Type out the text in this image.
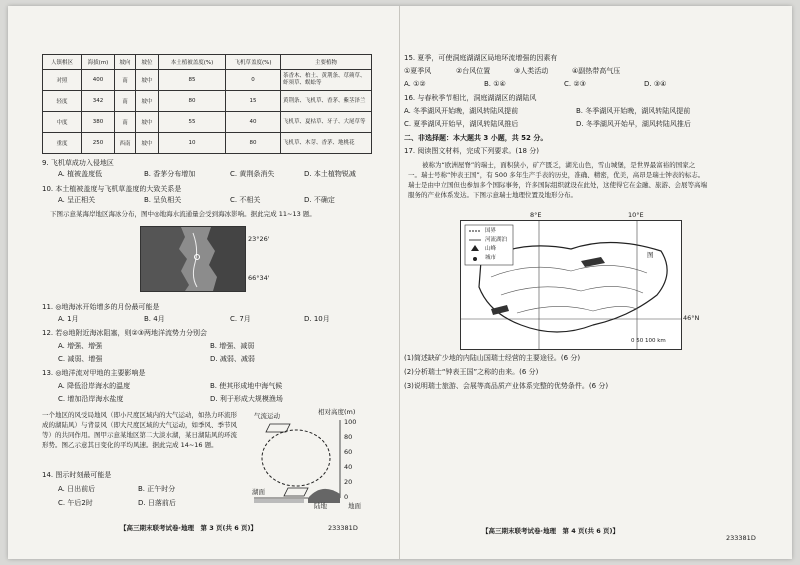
人镇棋区	海拔(m)	坡向	坡位	本土植被盖度(%)	飞机草盖度(%)	主要植物
对照	400	南	坡中	85	0	茶香木、柏土、黄荆条、荩蒴草、虾须草、蜈蚣等
轻度	342	南	坡中	80	15	黄荆条、飞机草、香茅、紫茎泽兰
中度	380	南	坡中	55	40	飞机草、夏枯草、牙子、大尾草等
重度	250	西南	坡中	10	80	飞机草、木芽、香茅、地桃花
9. 飞机草成功入侵地区
A. 植被盖度低	B. 香茅分布增加	C. 黄荆条消失	D. 本土植物锐减
10. 本土植被盖度与飞机草盖度的大致关系是
A. 呈正相关	B. 呈负相关	C. 不相关	D. 不确定
下图示意某海岸地区海冰分布，图中◎地海水流通量会受到海冰影响。据此完成 11~13 题。
23°26'
66°34'
11. ◎地海冰开始增多的月份最可能是
A. 1月	B. 4月	C. 7月	D. 10月
12. 若◎地附近海冰阻塞，则②③两地洋流势力分别会
A. 增强、增强	B. 增强、减弱
C. 减弱、增强	D. 减弱、减弱
13. ◎地洋流对甲地的主要影响是
A. 降低沿岸海水的温度	B. 使其形成地中海气候
C. 增加沿岸海水盐度	D. 利于形成大规模渔场
一个地区的风受局地风（即小尺度区域内的大气运动，如热力环流形成的湖陆风）与背景风（即大尺度区域的大气运动，如季风、季节风等）的共同作用。图甲示意某地区第二大淡水湖，某日湖陆风的环流形势。图乙示意其日变化的平均风速。据此完成 14~16 题。
气流运动	相对高度(m)
100
80
60
40
20
0
湖面
陆地	地面
14. 图示时刻最可能是
A. 日出前后	B. 正午时分
C. 午后2时	D. 日落前后
【高三期末联考试卷·地理　第 3 页(共 6 页)】	233381D
15. 夏季，可使洞庭湖湖区局地环流增强的因素有
①夏季风	②台风位置	③人类活动	④副热带高气压
A. ①②	B. ①④	C. ②③	D. ③④
16. 与春秋季节相比，洞庭湖湖区的湖陆风
A. 冬季湖风开始晚，湖风转陆风提前	B. 冬季湖风开始晚，湖风转陆风提前
C. 夏季湖风开始早，湖风转陆风推后	D. 冬季湖风开始早，湖风转陆风推后
二、非选择题：本大题共 3 小题，共 52 分。
17. 阅读图文材料，完成下列要求。(18 分)
被称为“欧洲屋脊”的瑞士，面积狭小，矿产匮乏，湖光山色，雪山城堡，是世界最富裕的国家之一。瑞士号称“钟表王国”，有 500 多年生产手表的历史，准确、精密，优美，高昂是瑞士钟表的标志。瑞士是由中立国但也参加多个国际事务，许多国际组织就设在此处，这使得它在金融、旅游、会展等高端服务的产业体系发达。下图示意瑞士地理位置及地形分布。
国界
河流湖泊
山峰
城市	图
0 50 100 km
8°E	10°E
46°N
(1)简述缺矿少地的内陆山国瑞士经营的主要途径。(6 分)
(2)分析瑞士“钟表王国”之称的由来。(6 分)
(3)说明瑞士旅游、会展等高品质产业体系完整的优势条件。(6 分)
【高三期末联考试卷·地理　第 4 页(共 6 页)】
233381D
